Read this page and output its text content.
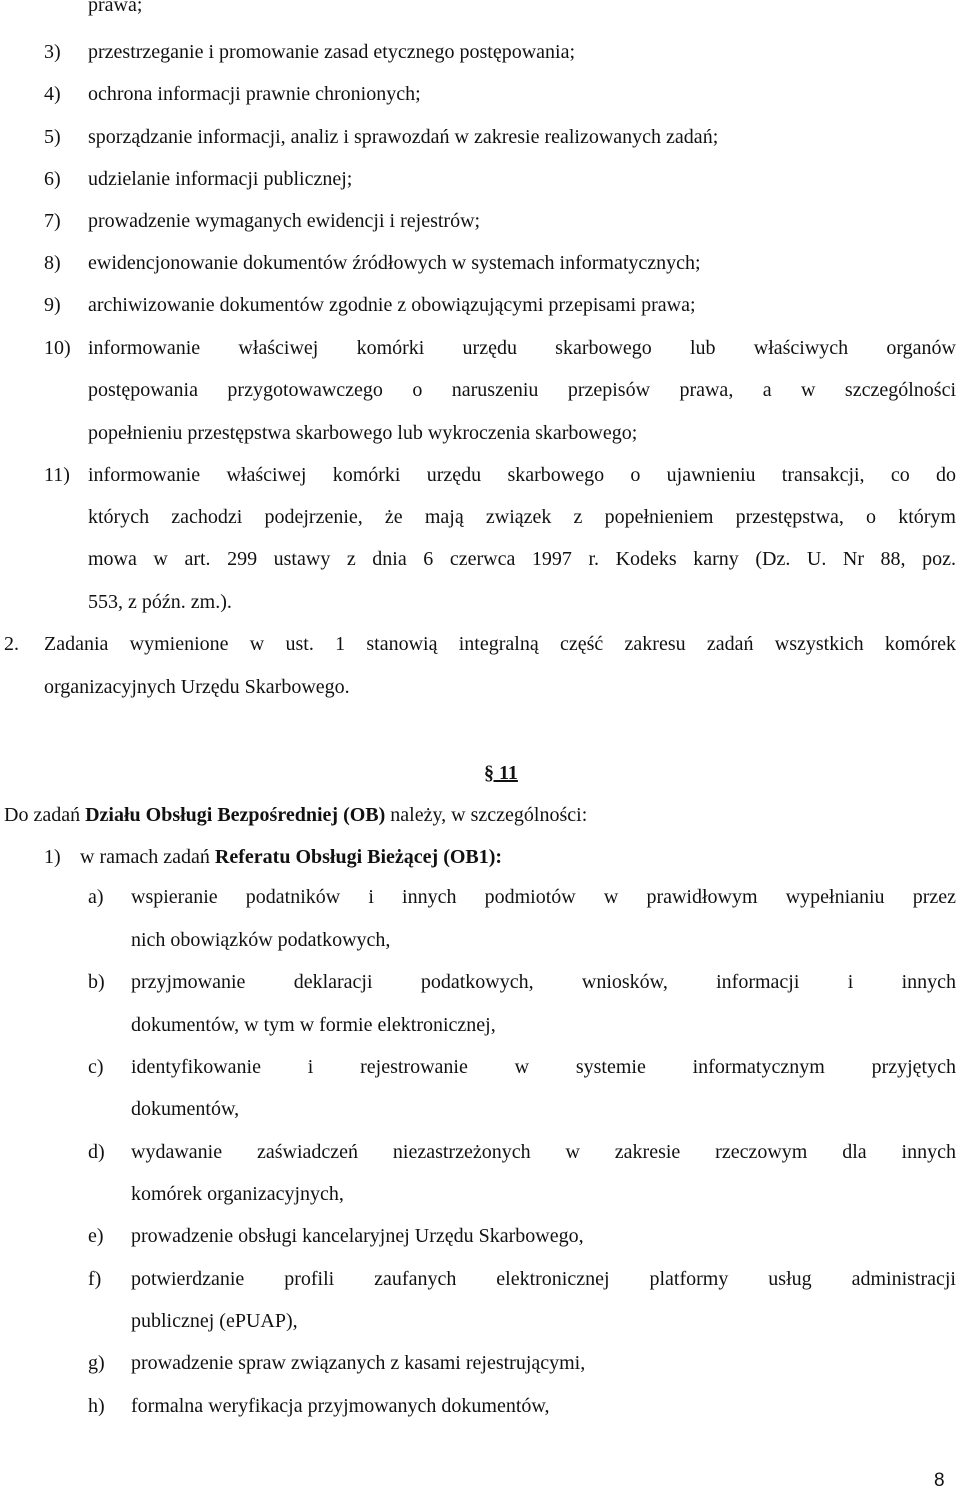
prawa;
3) przestrzeganie i promowanie zasad etycznego postępowania;
4) ochrona informacji prawnie chronionych;
5) sporządzanie informacji, analiz i sprawozdań w zakresie realizowanych zadań;
6) udzielanie informacji publicznej;
7) prowadzenie wymaganych ewidencji i rejestrów;
8) ewidencjonowanie dokumentów źródłowych w systemach informatycznych;
9) archiwizowanie dokumentów zgodnie z obowiązującymi przepisami prawa;
10) informowanie właściwej komórki urzędu skarbowego lub właściwych organów
postępowania przygotowawczego o naruszeniu przepisów prawa, a w szczególności
popełnieniu przestępstwa skarbowego lub wykroczenia skarbowego;
11) informowanie właściwej komórki urzędu skarbowego o ujawnieniu transakcji, co do
których zachodzi podejrzenie, że mają związek z popełnieniem przestępstwa, o którym
mowa w art. 299 ustawy z dnia 6 czerwca 1997 r. Kodeks karny (Dz. U. Nr 88, poz.
553, z późn. zm.).
2. Zadania wymienione w ust. 1 stanowią integralną część zakresu zadań wszystkich komórek
organizacyjnych Urzędu Skarbowego.
§ 11
Do zadań Działu Obsługi Bezpośredniej (OB) należy, w szczególności:
1) w ramach zadań Referatu Obsługi Bieżącej (OB1):
a) wspieranie podatników i innych podmiotów w prawidłowym wypełnianiu przez
nich obowiązków podatkowych,
b) przyjmowanie deklaracji podatkowych, wniosków, informacji i innych
dokumentów, w tym w formie elektronicznej,
c) identyfikowanie i rejestrowanie w systemie informatycznym przyjętych
dokumentów,
d) wydawanie zaświadczeń niezastrzeżonych w zakresie rzeczowym dla innych
komórek organizacyjnych,
e) prowadzenie obsługi kancelaryjnej Urzędu Skarbowego,
f) potwierdzanie profili zaufanych elektronicznej platformy usług administracji
publicznej (ePUAP),
g) prowadzenie spraw związanych z kasami rejestrującymi,
h) formalna weryfikacja przyjmowanych dokumentów,
8
